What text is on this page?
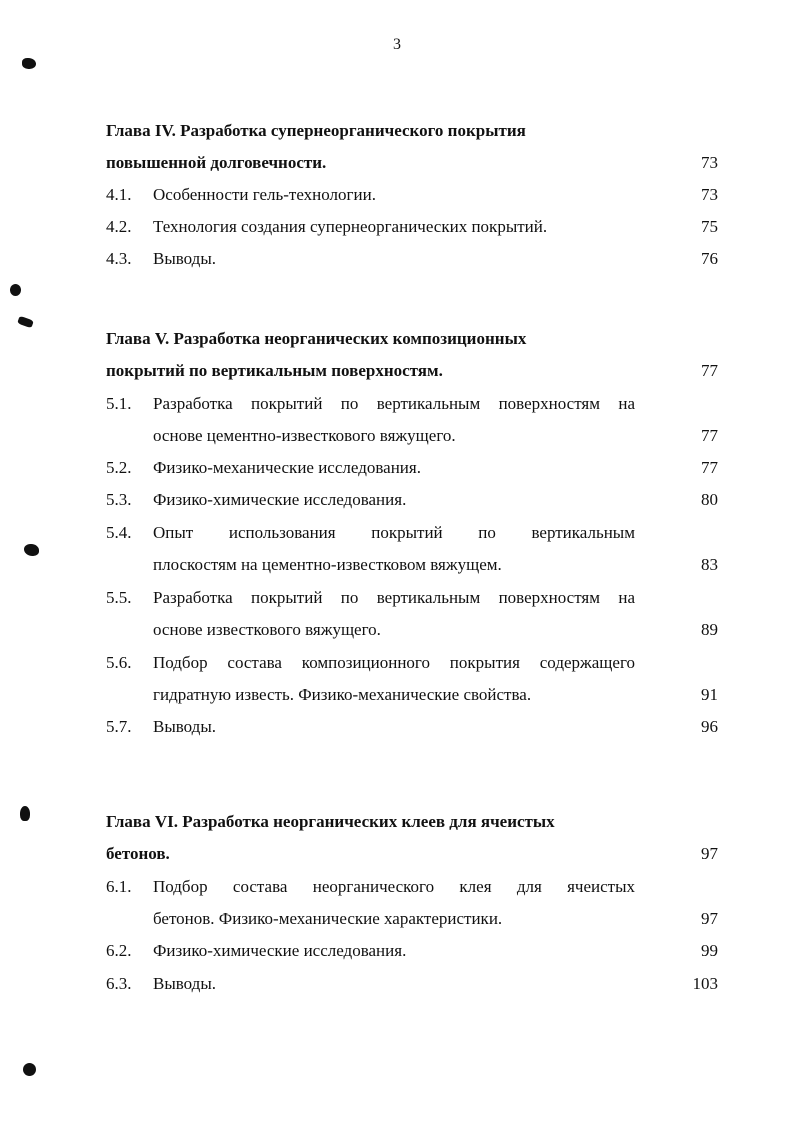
3
Глава IV. Разработка супернеорганического покрытия
повышенной долговечности.	73
4.1. Особенности гель-технологии.	73
4.2. Технология создания супернеорганических покрытий.	75
4.3. Выводы.	76
Глава V. Разработка неорганических композиционных
покрытий по вертикальным поверхностям.	77
5.1. Разработка покрытий по вертикальным поверхностям на
основе цементно-известкового вяжущего.	77
5.2. Физико-механические исследования.	77
5.3. Физико-химические исследования.	80
5.4. Опыт использования покрытий по вертикальным
плоскостям на цементно-известковом вяжущем.	83
5.5. Разработка покрытий по вертикальным поверхностям на
основе известкового вяжущего.	89
5.6. Подбор состава композиционного покрытия содержащего
гидратную известь. Физико-механические свойства.	91
5.7. Выводы.	96
Глава VI. Разработка неорганических клеев для ячеистых
бетонов.	97
6.1. Подбор состава неорганического клея для ячеистых
бетонов. Физико-механические характеристики.	97
6.2. Физико-химические исследования.	99
6.3. Выводы.	103
